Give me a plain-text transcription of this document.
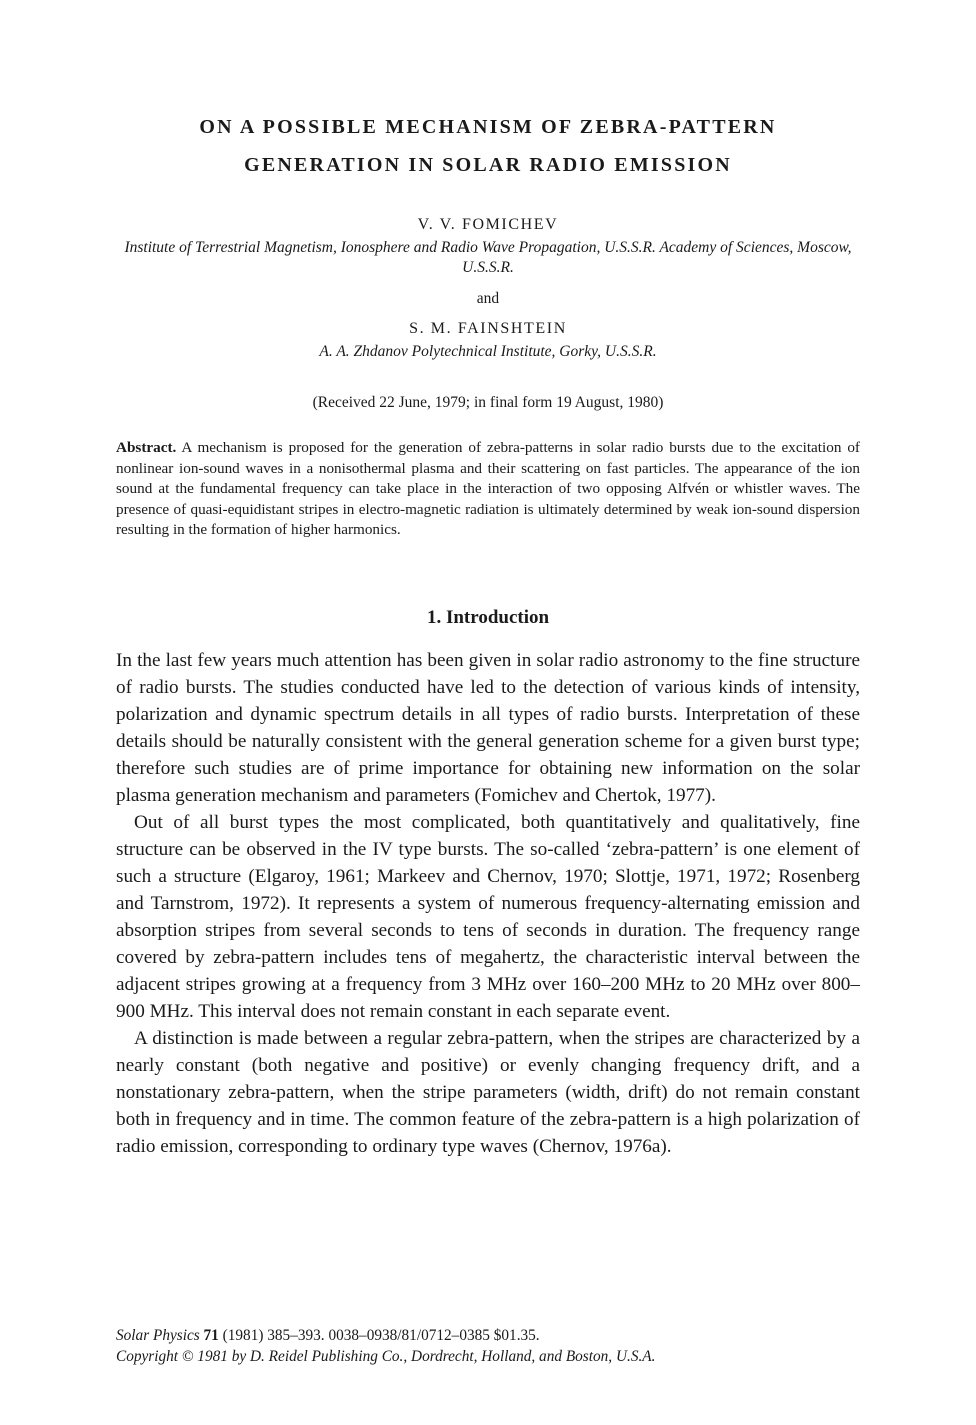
ON A POSSIBLE MECHANISM OF ZEBRA-PATTERN
GENERATION IN SOLAR RADIO EMISSION
V. V. FOMICHEV
Institute of Terrestrial Magnetism, Ionosphere and Radio Wave Propagation, U.S.S.R. Academy of Sciences, Moscow, U.S.S.R.
and
S. M. FAINSHTEIN
A. A. Zhdanov Polytechnical Institute, Gorky, U.S.S.R.
(Received 22 June, 1979; in final form 19 August, 1980)

Abstract. A mechanism is proposed for the generation of zebra-patterns in solar radio bursts due to the excitation of nonlinear ion-sound waves in a nonisothermal plasma and their scattering on fast particles. The appearance of the ion sound at the fundamental frequency can take place in the interaction of two opposing Alfvén or whistler waves. The presence of quasi-equidistant stripes in electro-magnetic radiation is ultimately determined by weak ion-sound dispersion resulting in the formation of higher harmonics.

1. Introduction

In the last few years much attention has been given in solar radio astronomy to the fine structure of radio bursts. The studies conducted have led to the detection of various kinds of intensity, polarization and dynamic spectrum details in all types of radio bursts. Interpretation of these details should be naturally consistent with the general generation scheme for a given burst type; therefore such studies are of prime importance for obtaining new information on the solar plasma generation mechanism and parameters (Fomichev and Chertok, 1977).

Out of all burst types the most complicated, both quantitatively and qualitatively, fine structure can be observed in the IV type bursts. The so-called ‘zebra-pattern’ is one element of such a structure (Elgaroy, 1961; Markeev and Chernov, 1970; Slottje, 1971, 1972; Rosenberg and Tarnstrom, 1972). It represents a system of numerous frequency-alternating emission and absorption stripes from several seconds to tens of seconds in duration. The frequency range covered by zebra-pattern includes tens of megahertz, the characteristic interval between the adjacent stripes growing at a frequency from 3 MHz over 160–200 MHz to 20 MHz over 800–900 MHz. This interval does not remain constant in each separate event.

A distinction is made between a regular zebra-pattern, when the stripes are characterized by a nearly constant (both negative and positive) or evenly changing frequency drift, and a nonstationary zebra-pattern, when the stripe parameters (width, drift) do not remain constant both in frequency and in time. The common feature of the zebra-pattern is a high polarization of radio emission, corresponding to ordinary type waves (Chernov, 1976a).

Solar Physics 71 (1981) 385–393. 0038–0938/81/0712–0385 $01.35.
Copyright © 1981 by D. Reidel Publishing Co., Dordrecht, Holland, and Boston, U.S.A.
